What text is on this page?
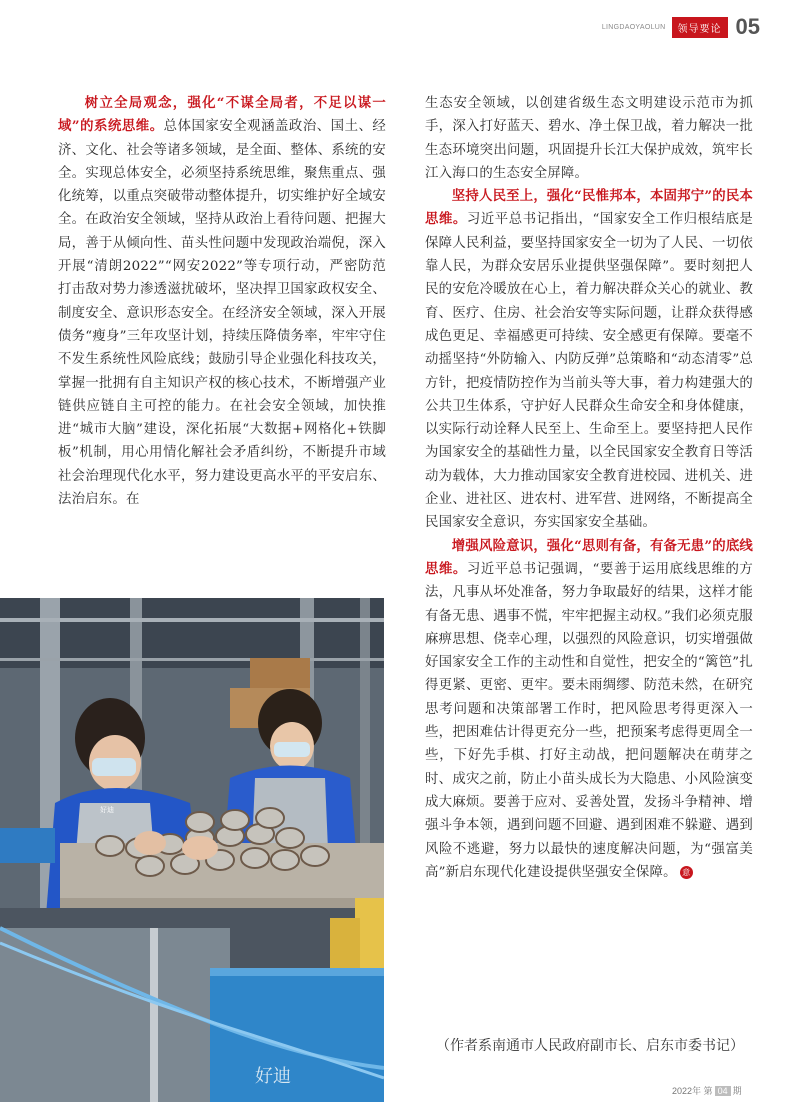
LINGDAOYAOLUN	领导要论 05

树立全局观念，强化“不谋全局者，不足以谋一域”的系统思维。总体国家安全观涵盖政治、国土、经济、文化、社会等诸多领域，是全面、整体、系统的安全。实现总体安全，必须坚持系统思维，聚焦重点、强化统筹，以重点突破带动整体提升，切实维护好全域安全。在政治安全领域，坚持从政治上看待问题、把握大局，善于从倾向性、苗头性问题中发现政治端倪，深入开展“清朗2022”“网安2022”等专项行动，严密防范打击敌对势力渗透滋扰破坏，坚决捍卫国家政权安全、制度安全、意识形态安全。在经济安全领域，深入开展债务“瘦身”三年攻坚计划，持续压降债务率，牢牢守住不发生系统性风险底线；鼓励引导企业强化科技攻关，掌握一批拥有自主知识产权的核心技术，不断增强产业链供应链自主可控的能力。在社会安全领域，加快推进“城市大脑”建设，深化拓展“大数据+网格化+铁脚板”机制，用心用情化解社会矛盾纠纷，不断提升市域社会治理现代化水平，努力建设更高水平的平安启东、法治启东。在

好迪
好迪

生态安全领域，以创建省级生态文明建设示范市为抓手，深入打好蓝天、碧水、净土保卫战，着力解决一批生态环境突出问题，巩固提升长江大保护成效，筑牢长江入海口的生态安全屏障。

坚持人民至上，强化“民惟邦本，本固邦宁”的民本思维。习近平总书记指出，“国家安全工作归根结底是保障人民利益，要坚持国家安全一切为了人民、一切依靠人民，为群众安居乐业提供坚强保障”。要时刻把人民的安危冷暖放在心上，着力解决群众关心的就业、教育、医疗、住房、社会治安等实际问题，让群众获得感成色更足、幸福感更可持续、安全感更有保障。要毫不动摇坚持“外防输入、内防反弹”总策略和“动态清零”总方针，把疫情防控作为当前头等大事，着力构建强大的公共卫生体系，守护好人民群众生命安全和身体健康，以实际行动诠释人民至上、生命至上。要坚持把人民作为国家安全的基础性力量，以全民国家安全教育日等活动为载体，大力推动国家安全教育进校园、进机关、进企业、进社区、进农村、进军营、进网络，不断提高全民国家安全意识，夯实国家安全基础。

增强风险意识，强化“思则有备，有备无患”的底线思维。习近平总书记强调，“要善于运用底线思维的方法，凡事从坏处准备，努力争取最好的结果，这样才能有备无患、遇事不慌，牢牢把握主动权。”我们必须克服麻痹思想、侥幸心理，以强烈的风险意识，切实增强做好国家安全工作的主动性和自觉性，把安全的“篱笆”扎得更紧、更密、更牢。要未雨绸缪、防范未然，在研究思考问题和决策部署工作时，把风险思考得更深入一些，把困难估计得更充分一些，把预案考虑得更周全一些，下好先手棋、打好主动战，把问题解决在萌芽之时、成灾之前，防止小苗头成长为大隐患、小风险演变成大麻烦。要善于应对、妥善处置，发扬斗争精神、增强斗争本领，遇到问题不回避、遇到困难不躲避、遇到风险不逃避，努力以最快的速度解决问题，为“强富美高”新启东现代化建设提供坚强安全保障。 意

（作者系南通市人民政府副市长、启东市委书记）
2022年 第 04 期
